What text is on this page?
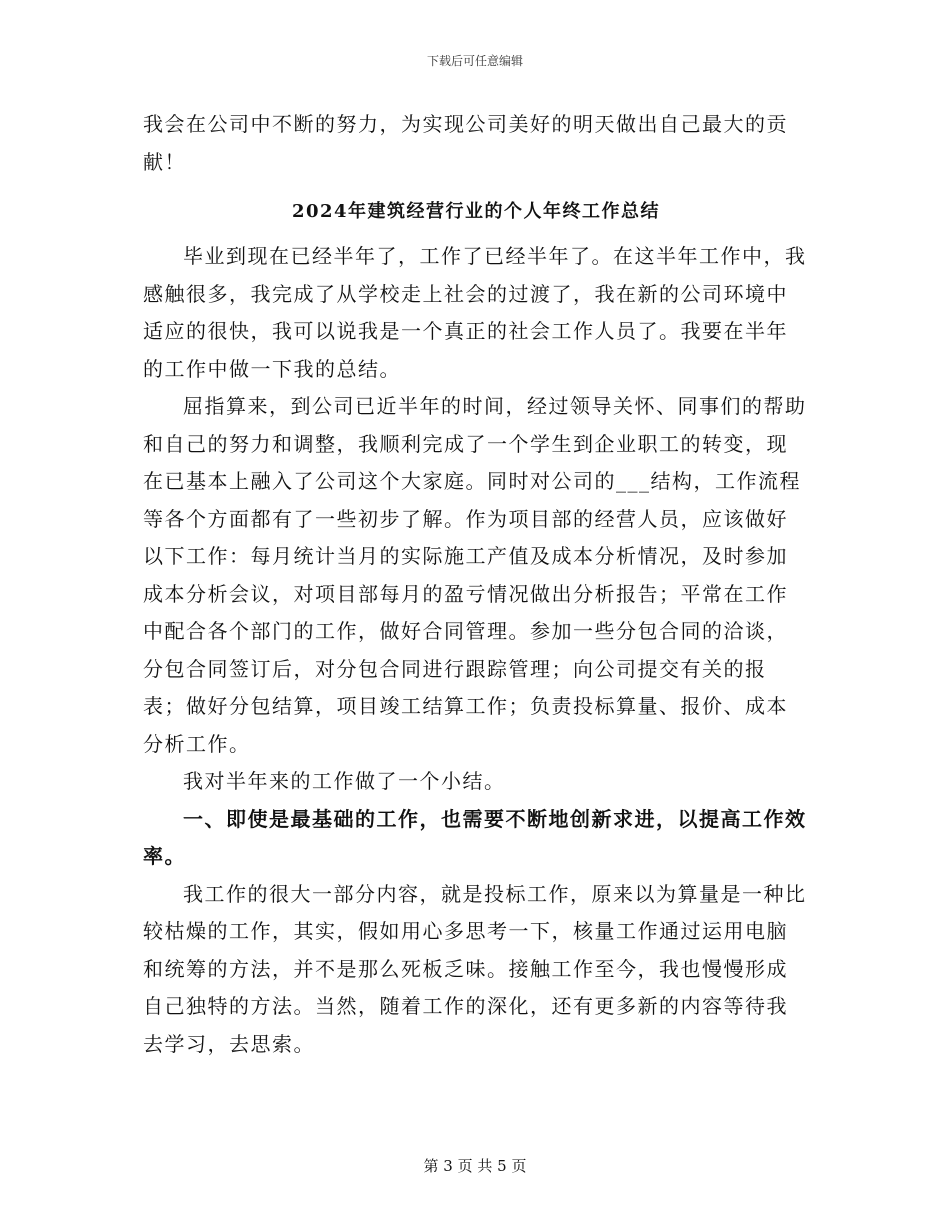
下载后可任意编辑

我会在公司中不断的努力，为实现公司美好的明天做出自己最大的贡献！

2024年建筑经营行业的个人年终工作总结

毕业到现在已经半年了，工作了已经半年了。在这半年工作中，我感触很多，我完成了从学校走上社会的过渡了，我在新的公司环境中适应的很快，我可以说我是一个真正的社会工作人员了。我要在半年的工作中做一下我的总结。

屈指算来，到公司已近半年的时间，经过领导关怀、同事们的帮助和自己的努力和调整，我顺利完成了一个学生到企业职工的转变，现在已基本上融入了公司这个大家庭。同时对公司的___结构，工作流程等各个方面都有了一些初步了解。作为项目部的经营人员，应该做好以下工作：每月统计当月的实际施工产值及成本分析情况，及时参加成本分析会议，对项目部每月的盈亏情况做出分析报告；平常在工作中配合各个部门的工作，做好合同管理。参加一些分包合同的洽谈，分包合同签订后，对分包合同进行跟踪管理；向公司提交有关的报表；做好分包结算，项目竣工结算工作；负责投标算量、报价、成本分析工作。

我对半年来的工作做了一个小结。

一、即使是最基础的工作，也需要不断地创新求进，以提高工作效率。

我工作的很大一部分内容，就是投标工作，原来以为算量是一种比较枯燥的工作，其实，假如用心多思考一下，核量工作通过运用电脑和统筹的方法，并不是那么死板乏味。接触工作至今，我也慢慢形成自己独特的方法。当然，随着工作的深化，还有更多新的内容等待我去学习，去思索。

第 3 页 共 5 页
